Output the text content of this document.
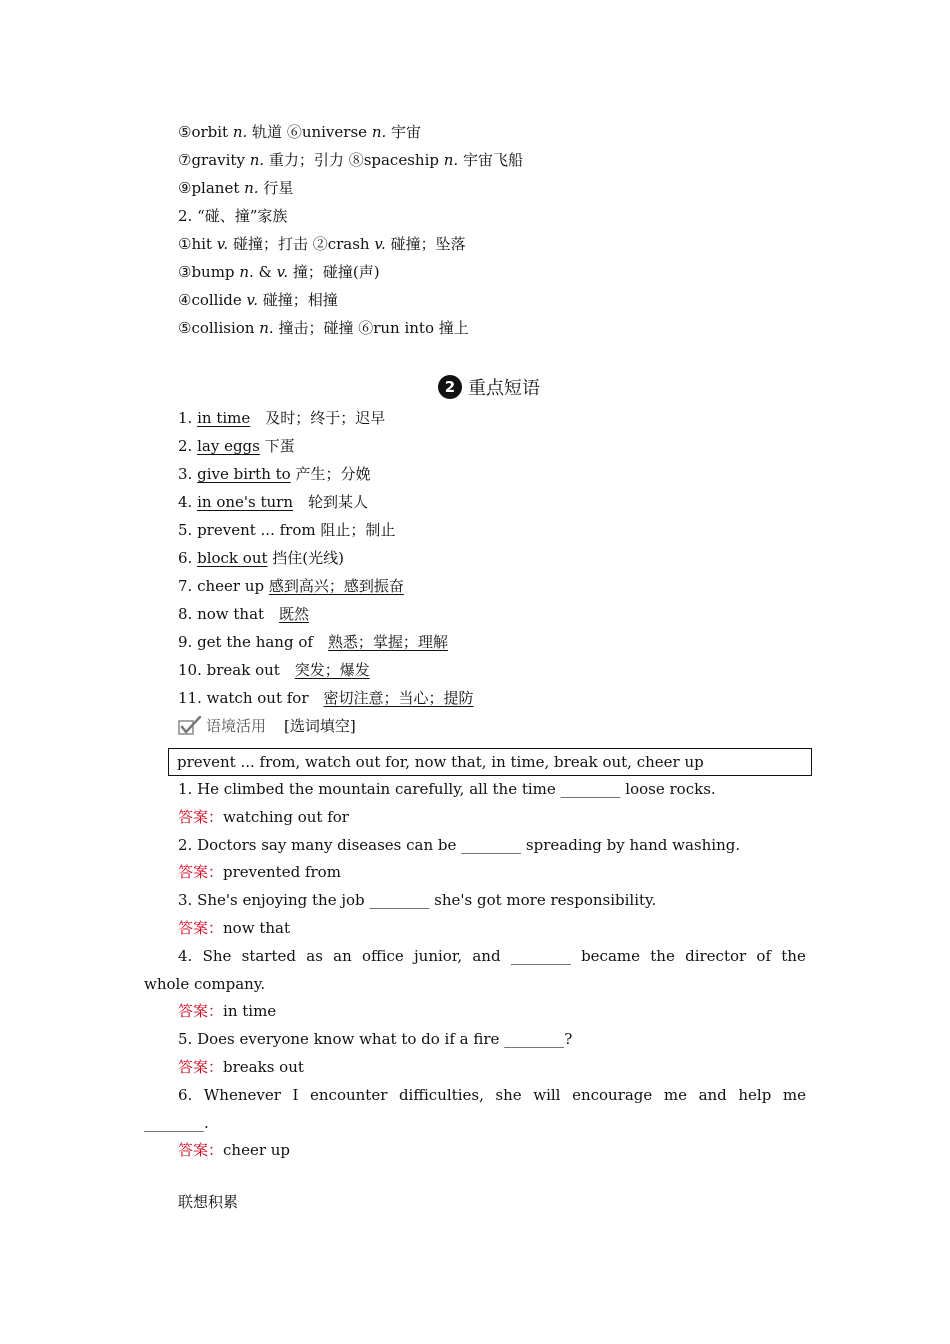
⑤orbit n. 轨道 ⑥universe n. 宇宙
⑦gravity n. 重力；引力 ⑧spaceship n. 宇宙飞船
⑨planet n. 行星
2. “碰、撞”家族
①hit v. 碰撞；打击 ②crash v. 碰撞；坠落
③bump n. & v. 撞；碰撞(声)
④collide v. 碰撞；相撞
⑤collision n. 撞击；碰撞 ⑥run into 撞上
2 重点短语
1. in time　及时；终于；迟早
2. lay eggs 下蛋
3. give birth to 产生；分娩
4. in one's turn　轮到某人
5. prevent ... from 阻止；制止
6. block out 挡住(光线)
7. cheer up 感到高兴；感到振奋
8. now that　既然
9. get the hang of　熟悉；掌握；理解
10. break out　突发；爆发
11. watch out for　密切注意；当心；提防
语境活用 [选词填空]
prevent ... from, watch out for, now that, in time, break out, cheer up
1. He climbed the mountain carefully, all the time ________ loose rocks.
答案：watching out for
2. Doctors say many diseases can be ________ spreading by hand washing.
答案：prevented from
3. She's enjoying the job ________ she's got more responsibility.
答案：now that
4. She started as an office junior, and ________ became the director of the
whole company.
答案：in time
5. Does everyone know what to do if a fire ________?
答案：breaks out
6. Whenever I encounter difficulties, she will encourage me and help me
________.
答案：cheer up
联想积累
